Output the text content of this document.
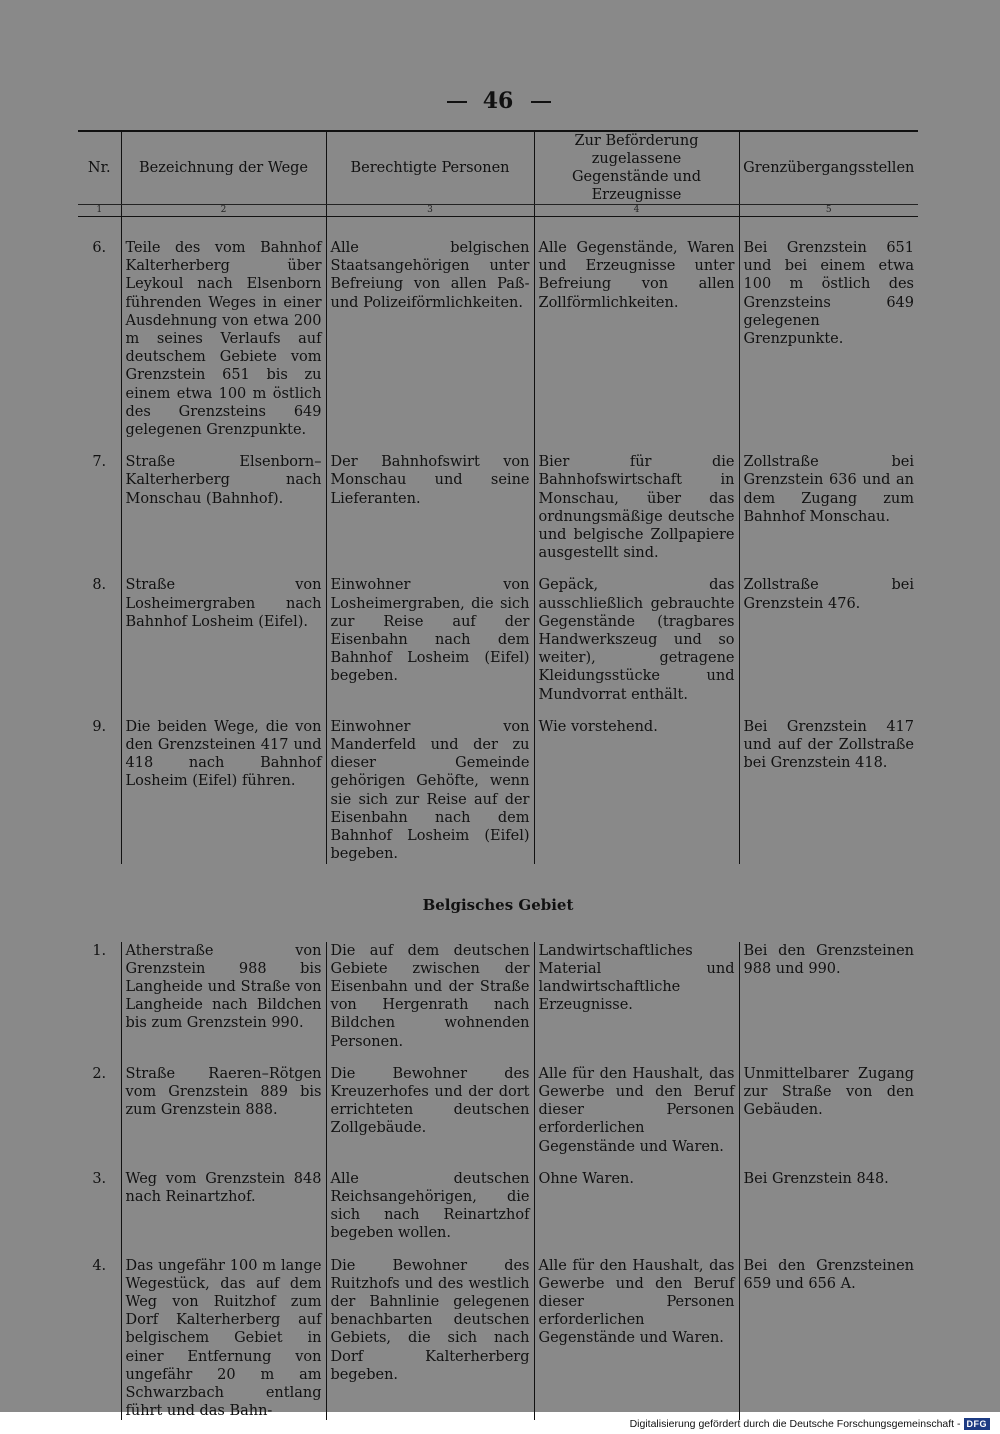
46
Nr.	Bezeichnung der Wege	Berechtigte Personen	Zur Beförderung zugelassene Gegenstände und Erzeugnisse	Grenzübergangsstellen
1	2	3	4	5

6.	Teile des vom Bahnhof Kalterherberg über Leykoul nach Elsenborn führenden Weges in einer Ausdehnung von etwa 200 m seines Verlaufs auf deutschem Gebiete vom Grenzstein 651 bis zu einem etwa 100 m östlich des Grenzsteins 649 gelegenen Grenzpunkte.	Alle belgischen Staatsangehörigen unter Befreiung von allen Paß- und Polizeiförmlichkeiten.	Alle Gegenstände, Waren und Erzeugnisse unter Befreiung von allen Zollförmlichkeiten.	Bei Grenzstein 651 und bei einem etwa 100 m östlich des Grenzsteins 649 gelegenen Grenzpunkte.

7.	Straße Elsenborn–Kalterherberg nach Monschau (Bahnhof).	Der Bahnhofswirt von Monschau und seine Lieferanten.	Bier für die Bahnhofswirtschaft in Monschau, über das ordnungsmäßige deutsche und belgische Zollpapiere ausgestellt sind.	Zollstraße bei Grenzstein 636 und an dem Zugang zum Bahnhof Monschau.

8.	Straße von Losheimergraben nach Bahnhof Losheim (Eifel).	Einwohner von Losheimergraben, die sich zur Reise auf der Eisenbahn nach dem Bahnhof Losheim (Eifel) begeben.	Gepäck, das ausschließlich gebrauchte Gegenstände (tragbares Handwerkszeug und so weiter), getragene Kleidungsstücke und Mundvorrat enthält.	Zollstraße bei Grenzstein 476.

9.	Die beiden Wege, die von den Grenzsteinen 417 und 418 nach Bahnhof Losheim (Eifel) führen.	Einwohner von Manderfeld und der zu dieser Gemeinde gehörigen Gehöfte, wenn sie sich zur Reise auf der Eisenbahn nach dem Bahnhof Losheim (Eifel) begeben.	Wie vorstehend.	Bei Grenzstein 417 und auf der Zollstraße bei Grenzstein 418.
Belgisches Gebiet				
1.	Atherstraße von Grenzstein 988 bis Langheide und Straße von Langheide nach Bildchen bis zum Grenzstein 990.	Die auf dem deutschen Gebiete zwischen der Eisenbahn und der Straße von Hergenrath nach Bildchen wohnenden Personen.	Landwirtschaftliches Material und landwirtschaftliche Erzeugnisse.	Bei den Grenzsteinen 988 und 990.

2.	Straße Raeren–Rötgen vom Grenzstein 889 bis zum Grenzstein 888.	Die Bewohner des Kreuzerhofes und der dort errichteten deutschen Zollgebäude.	Alle für den Haushalt, das Gewerbe und den Beruf dieser Personen erforderlichen Gegenstände und Waren.	Unmittelbarer Zugang zur Straße von den Gebäuden.

3.	Weg vom Grenzstein 848 nach Reinartzhof.	Alle deutschen Reichsangehörigen, die sich nach Reinartzhof begeben wollen.	Ohne Waren.	Bei Grenzstein 848.

4.	Das ungefähr 100 m lange Wegestück, das auf dem Weg von Ruitzhof zum Dorf Kalterherberg auf belgischem Gebiet in einer Entfernung von ungefähr 20 m am Schwarzbach entlang führt und das Bahn-	Die Bewohner des Ruitzhofs und des westlich der Bahnlinie gelegenen benachbarten deutschen Gebiets, die sich nach Dorf Kalterherberg begeben.	Alle für den Haushalt, das Gewerbe und den Beruf dieser Personen erforderlichen Gegenstände und Waren.	Bei den Grenzsteinen 659 und 656 A.
Digitalisierung gefördert durch die Deutsche Forschungsgemeinschaft - DFG
